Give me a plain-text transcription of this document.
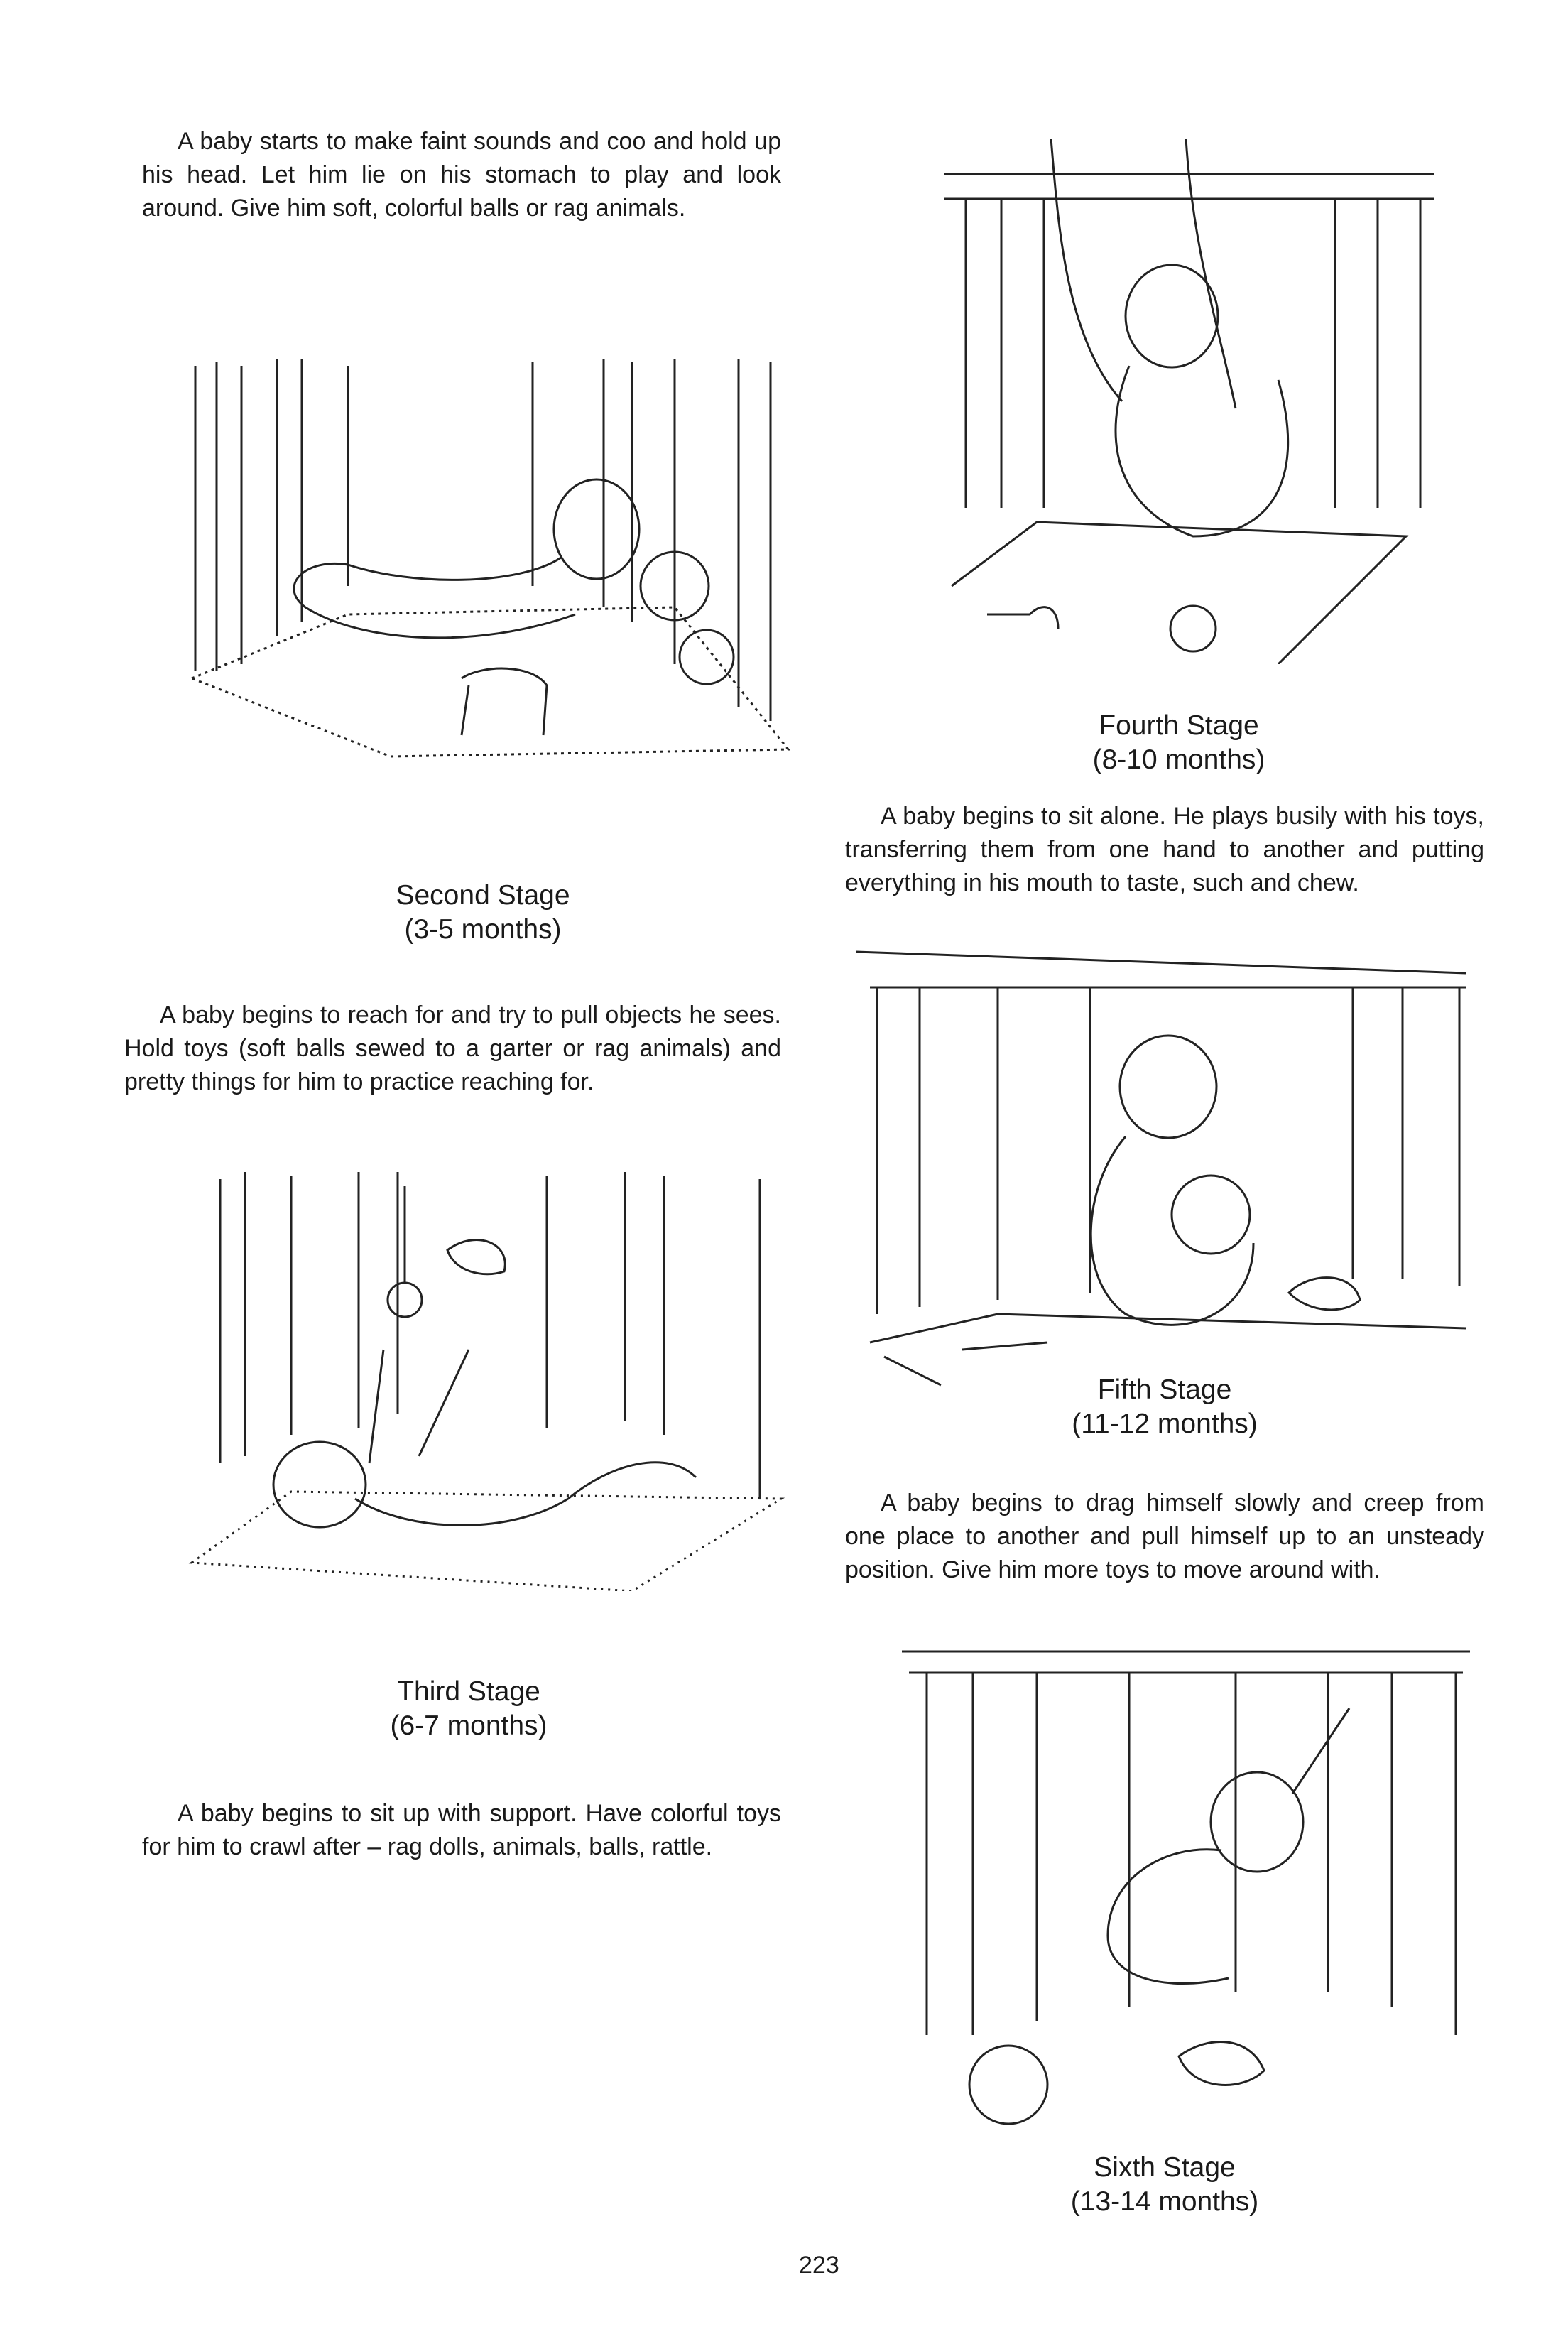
A baby starts to make faint sounds and coo and hold up his head. Let him lie on his stomach to play and look around. Give him soft, colorful balls or rag animals.

Second Stage
(3-5 months)

A baby begins to reach for and try to pull objects he sees. Hold toys (soft balls sewed to a garter or rag animals) and pretty things for him to practice reaching for.

Third Stage
(6-7 months)

A baby begins to sit up with support. Have colorful toys for him to crawl after – rag dolls, animals, balls, rattle.

Fourth Stage
(8-10 months)

A baby begins to sit alone. He plays busily with his toys, transferring them from one hand to another and putting everything in his mouth to taste, such and chew.

Fifth Stage
(11-12 months)

A baby begins to drag himself slowly and creep from one place to another and pull himself up to an unsteady position. Give him more toys to move around with.

Sixth Stage
(13-14 months)
223
